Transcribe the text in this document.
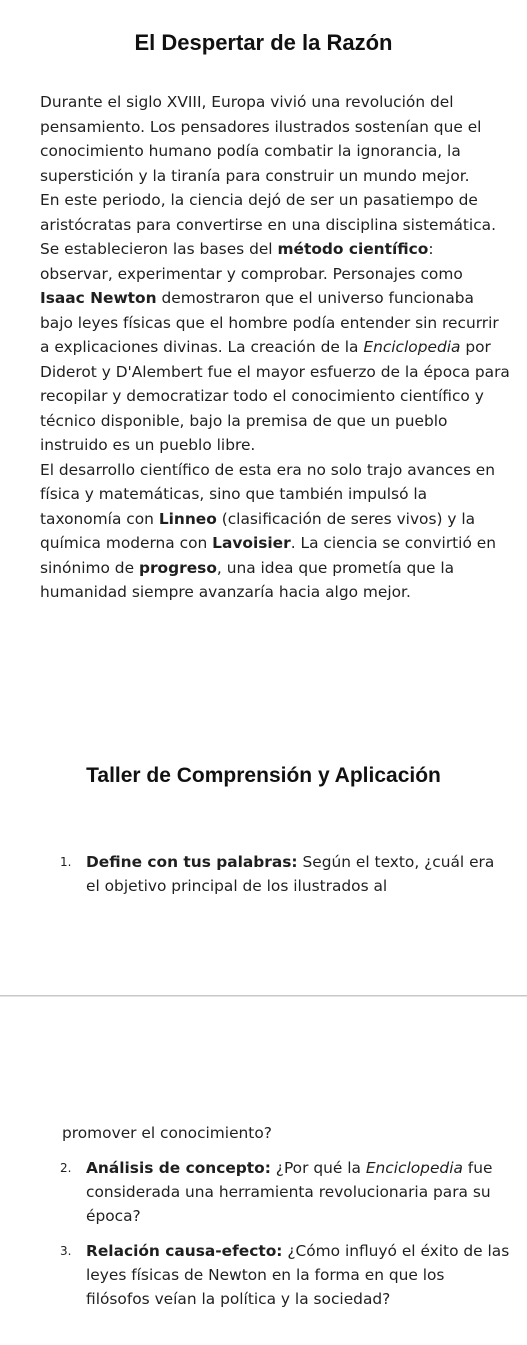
El Despertar de la Razón

Durante el siglo XVIII, Europa vivió una revolución del pensamiento. Los pensadores ilustrados sostenían que el conocimiento humano podía combatir la ignorancia, la superstición y la tiranía para construir un mundo mejor.

En este periodo, la ciencia dejó de ser un pasatiempo de aristócratas para convertirse en una disciplina sistemática. Se establecieron las bases del método científico: observar, experimentar y comprobar. Personajes como Isaac Newton demostraron que el universo funcionaba bajo leyes físicas que el hombre podía entender sin recurrir a explicaciones divinas. La creación de la Enciclopedia por Diderot y D'Alembert fue el mayor esfuerzo de la época para recopilar y democratizar todo el conocimiento científico y técnico disponible, bajo la premisa de que un pueblo instruido es un pueblo libre.

El desarrollo científico de esta era no solo trajo avances en física y matemáticas, sino que también impulsó la taxonomía con Linneo (clasificación de seres vivos) y la química moderna con Lavoisier. La ciencia se convirtió en sinónimo de progreso, una idea que prometía que la humanidad siempre avanzaría hacia algo mejor.

Taller de Comprensión y Aplicación
1. Define con tus palabras: Según el texto, ¿cuál era el objetivo principal de los ilustrados al
promover el conocimiento?
2. Análisis de concepto: ¿Por qué la Enciclopedia fue considerada una herramienta revolucionaria para su época?
3. Relación causa-efecto: ¿Cómo influyó el éxito de las leyes físicas de Newton en la forma en que los filósofos veían la política y la sociedad?
